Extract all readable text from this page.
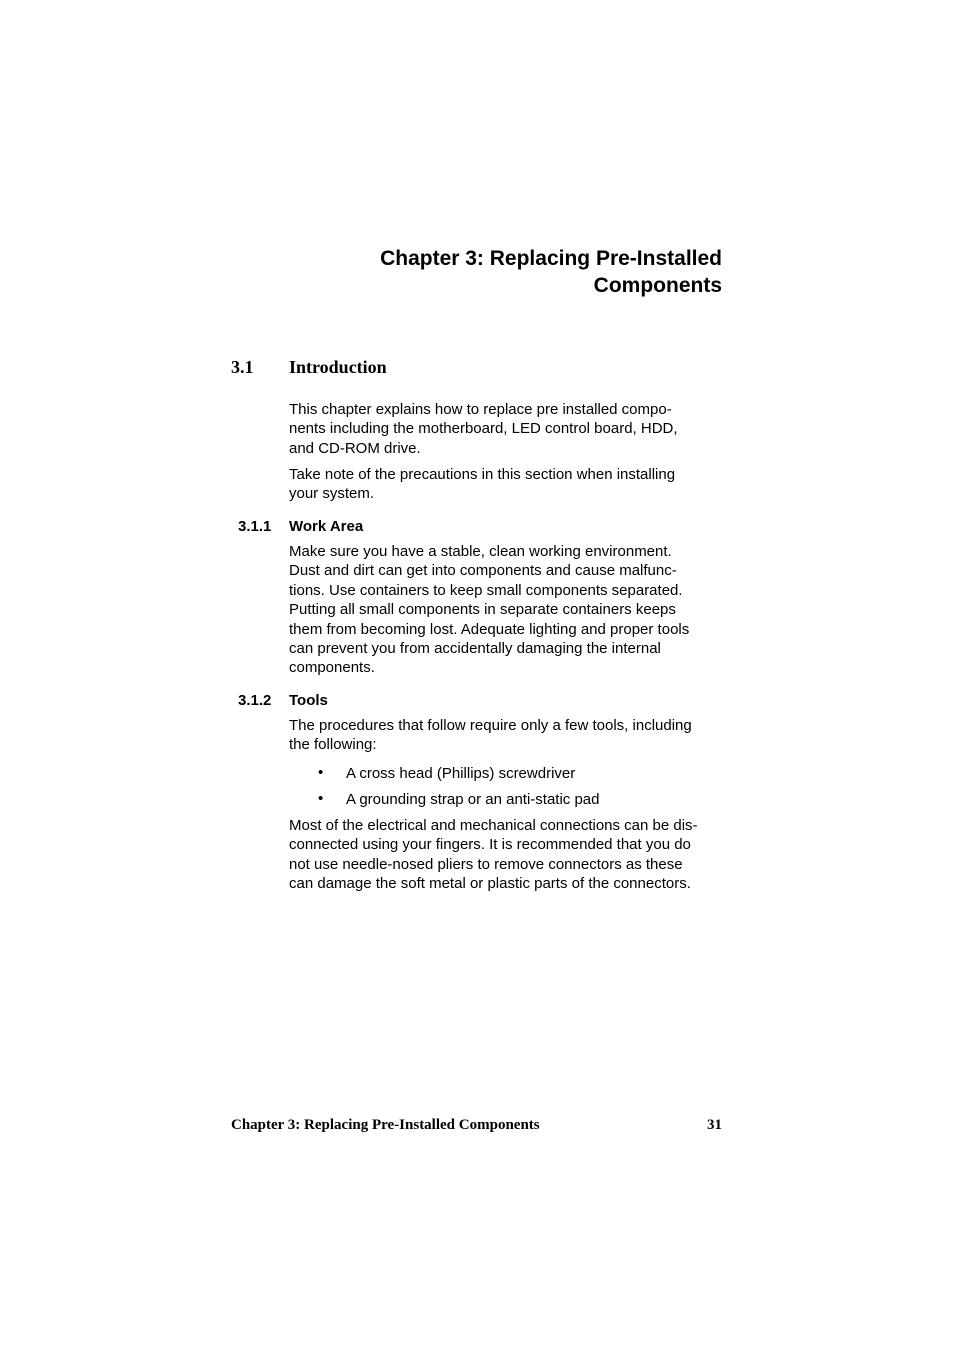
Chapter 3: Replacing Pre-Installed
Components
3.1 Introduction
This chapter explains how to replace pre installed compo-
nents including the motherboard, LED control board, HDD,
and CD-ROM drive.
Take note of the precautions in this section when installing
your system.
3.1.1 Work Area
Make sure you have a stable, clean working environment.
Dust and dirt can get into components and cause malfunc-
tions. Use containers to keep small components separated.
Putting all small components in separate containers keeps
them from becoming lost. Adequate lighting and proper tools
can prevent you from accidentally damaging the internal
components.
3.1.2 Tools
The procedures that follow require only a few tools, including
the following:
• A cross head (Phillips) screwdriver
• A grounding strap or an anti-static pad
Most of the electrical and mechanical connections can be dis-
connected using your fingers. It is recommended that you do
not use needle-nosed pliers to remove connectors as these
can damage the soft metal or plastic parts of the connectors.
Chapter 3: Replacing Pre-Installed Components	31
